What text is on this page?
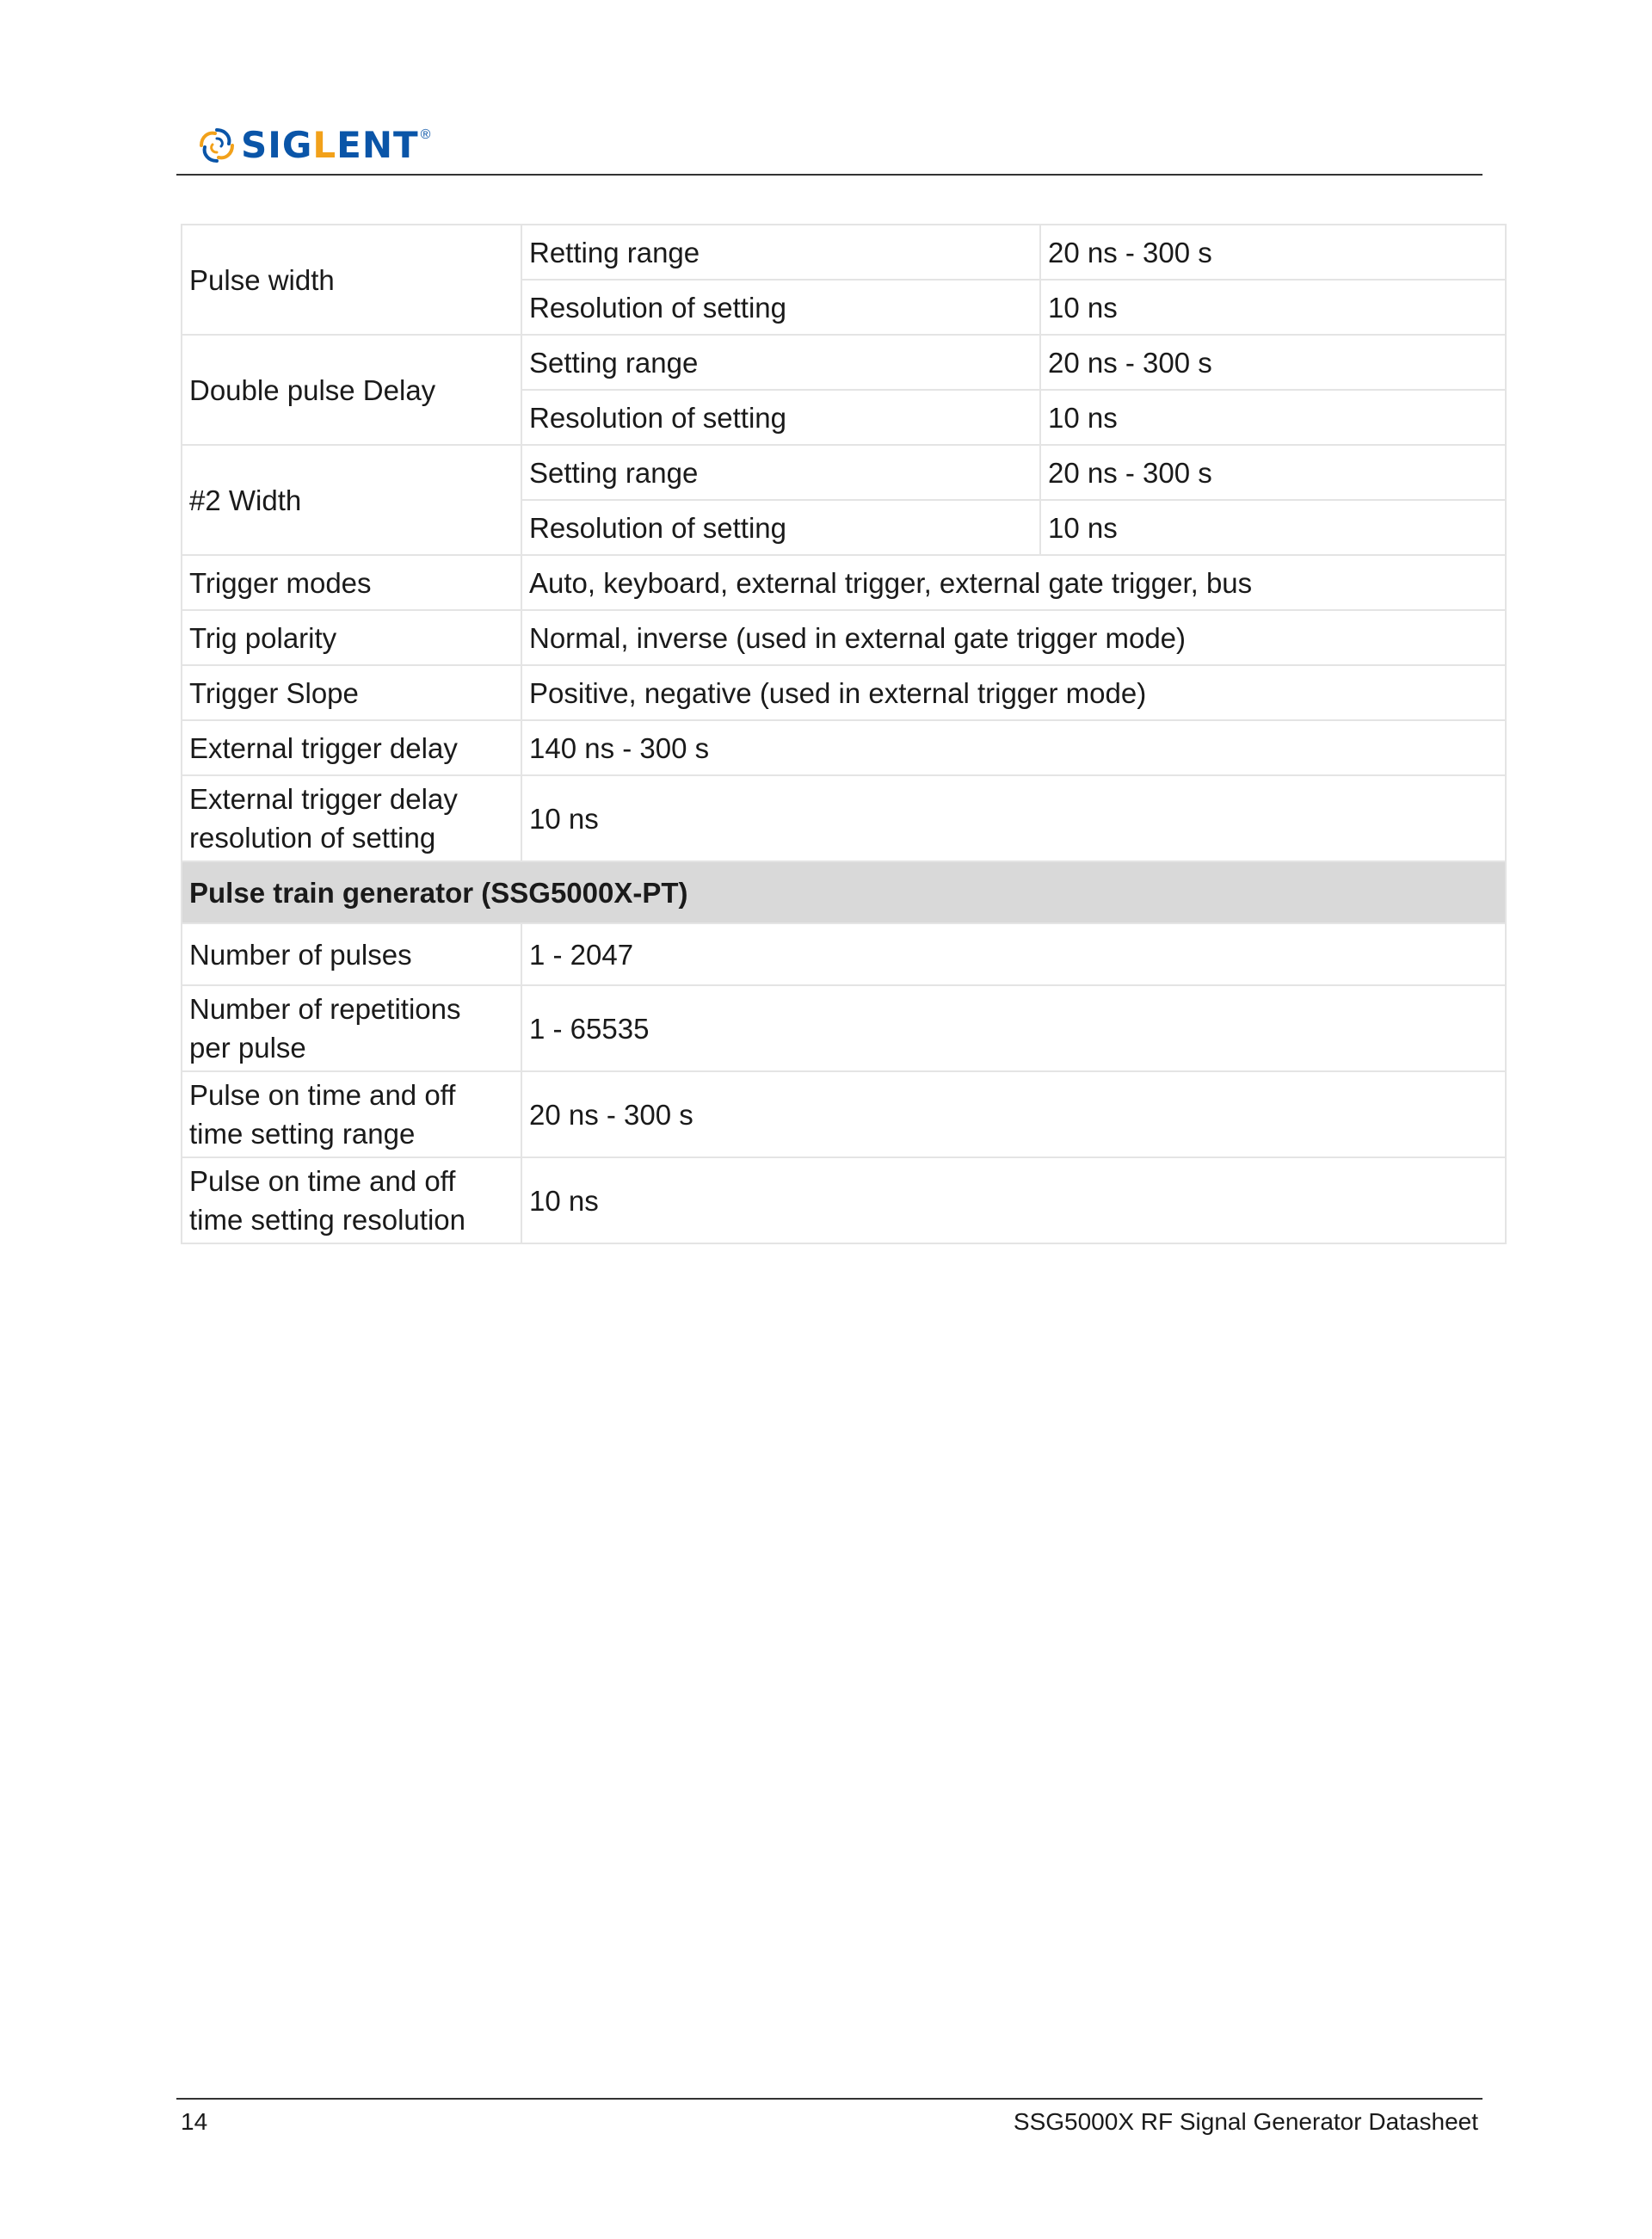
SIGLENT ®
Pulse width	Retting range	20 ns - 300 s
	Resolution of setting	10 ns
Double pulse Delay	Setting range	20 ns - 300 s
	Resolution of setting	10 ns
#2 Width	Setting range	20 ns - 300 s
	Resolution of setting	10 ns
Trigger modes	Auto, keyboard, external trigger, external gate trigger, bus	
Trig polarity	Normal, inverse (used in external gate trigger mode)	
Trigger Slope	Positive, negative (used in external trigger mode)	
External trigger delay	140 ns - 300 s	
External trigger delay
resolution of setting	10 ns	
Pulse train generator (SSG5000X-PT)		
Number of pulses	1 - 2047	
Number of repetitions
per pulse	1 - 65535	
Pulse on time and off
time setting range	20 ns - 300 s	
Pulse on time and off
time setting resolution	10 ns	
14	SSG5000X RF Signal Generator Datasheet
